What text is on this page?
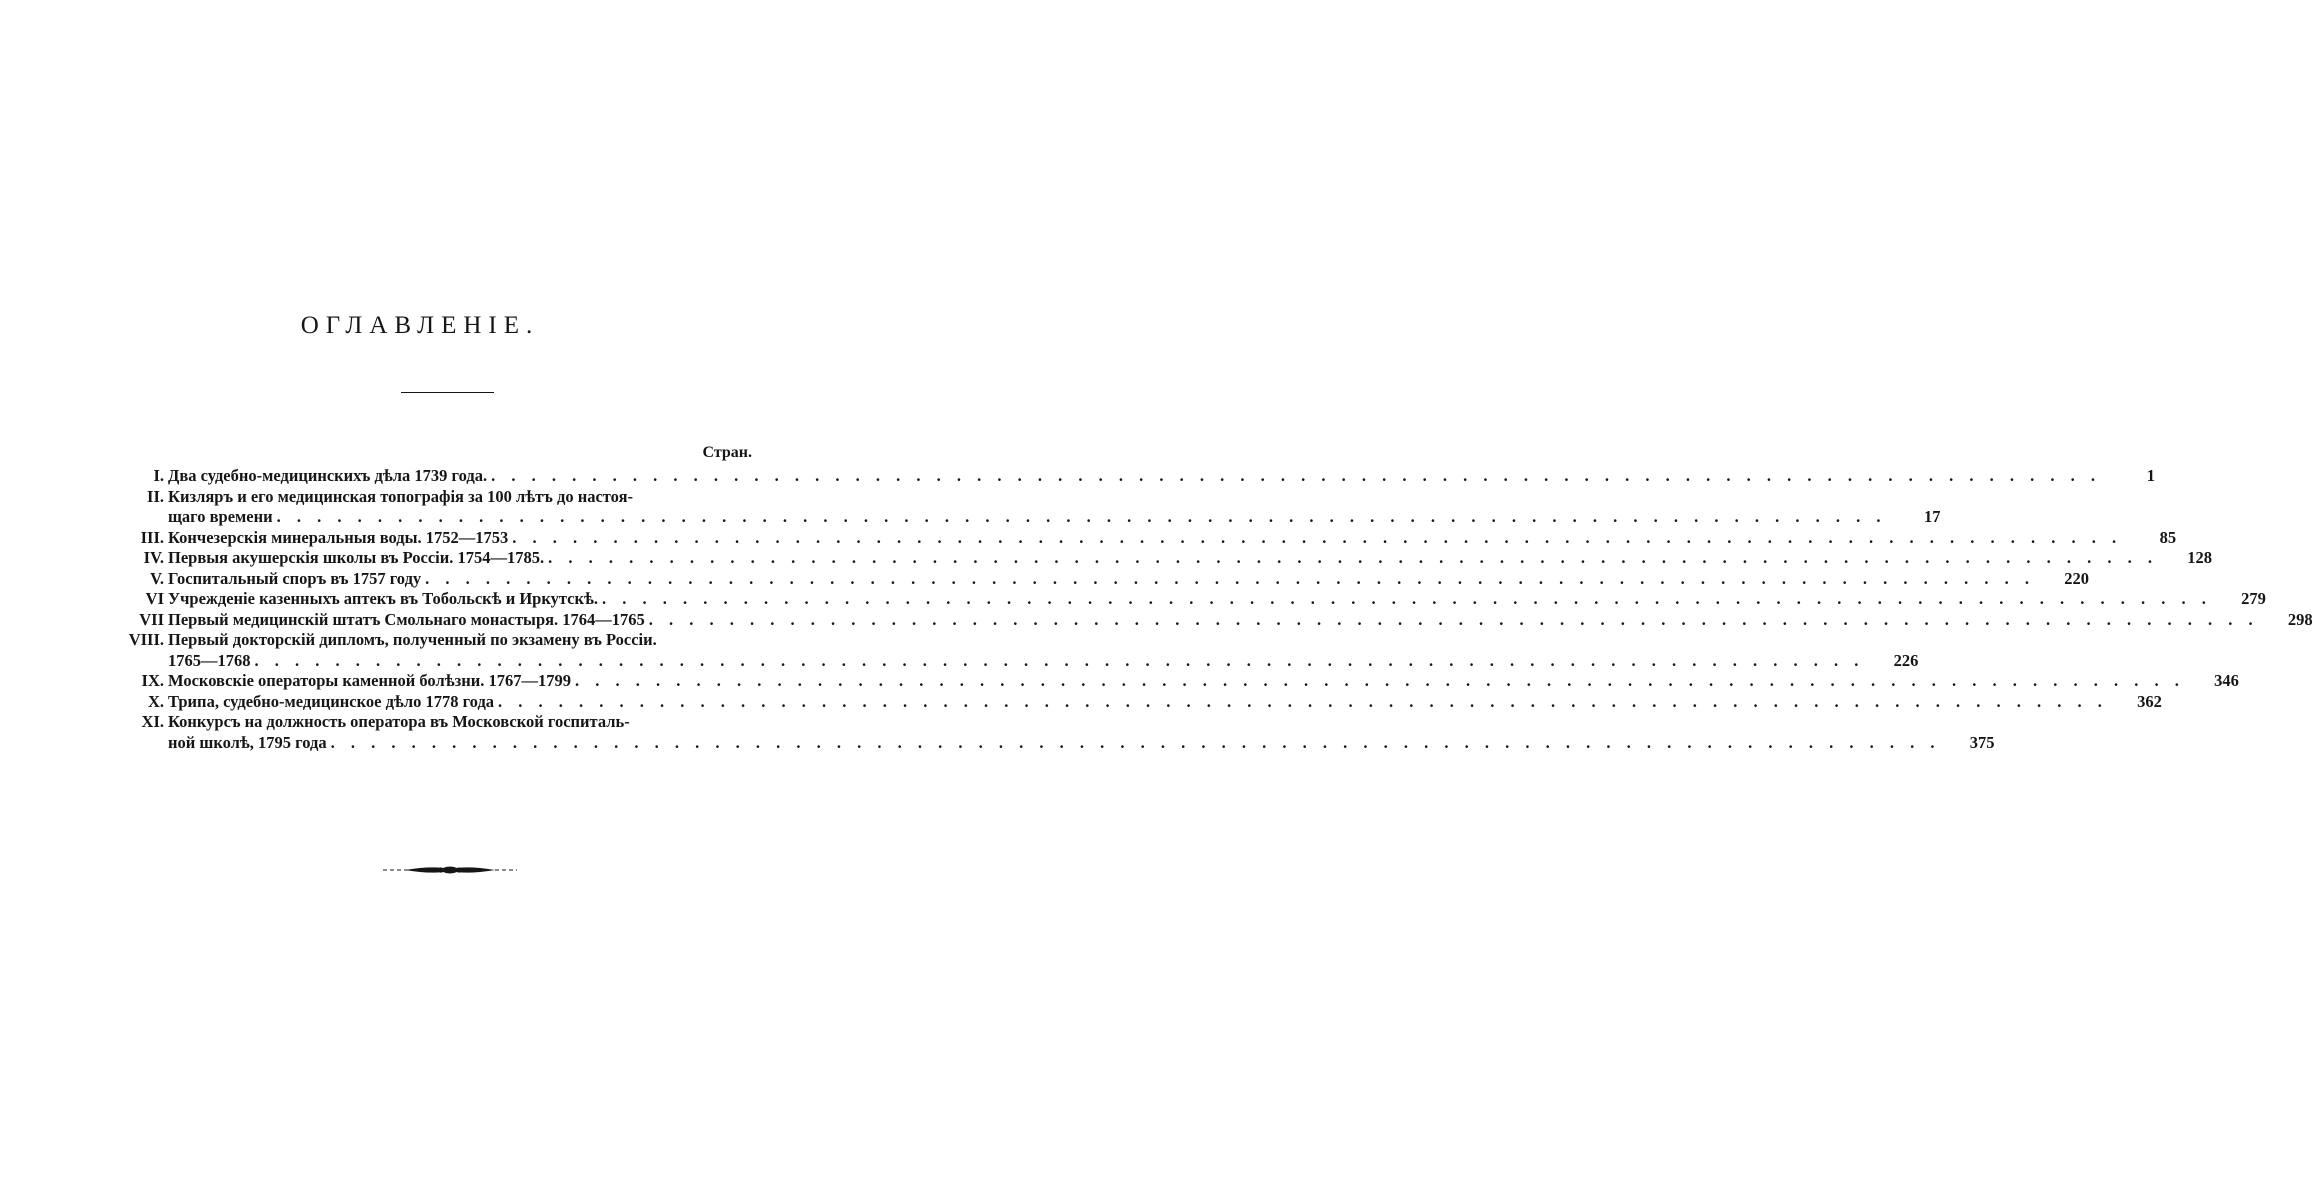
ОГЛАВЛЕНІЕ.
Стран.
I. Два судебно-медицинскихъ дѣла 1739 года. . . . . . . . . . . . . . . . . . . . . . . . . . . . . . . . . . . . . . . . . . . . . . . . . . . . . . . . . . . . . . . . . . . . . . . . . . . . . . . . .	1
II. Кизляръ и его медицинская топографія за 100 лѣтъ до настоя-
щаго времени . . . . . . . . . . . . . . . . . . . . . . . . . . . . . . . . . . . . . . . . . . . . . . . . . . . . . . . . . . . . . . . . . . . . . . . . . . . . . . . .	17
III. Кончезерскія минеральныя воды. 1752—1753 . . . . . . . . . . . . . . . . . . . . . . . . . . . . . . . . . . . . . . . . . . . . . . . . . . . . . . . . . . . . . . . . . . . . . . . . . . . . . . . .	85
IV. Первыя акушерскія школы въ Россіи. 1754—1785. . . . . . . . . . . . . . . . . . . . . . . . . . . . . . . . . . . . . . . . . . . . . . . . . . . . . . . . . . . . . . . . . . . . . . . . . . . . . . . . .	128
V. Госпитальный споръ въ 1757 году . . . . . . . . . . . . . . . . . . . . . . . . . . . . . . . . . . . . . . . . . . . . . . . . . . . . . . . . . . . . . . . . . . . . . . . . . . . . . . . .	220
VI Учрежденіе казенныхъ аптекъ въ Тобольскѣ и Иркутскѣ. . . . . . . . . . . . . . . . . . . . . . . . . . . . . . . . . . . . . . . . . . . . . . . . . . . . . . . . . . . . . . . . . . . . . . . . . . . . . . . . .	279
VII Первый медицинскій штатъ Смольнаго монастыря. 1764—1765 . . . . . . . . . . . . . . . . . . . . . . . . . . . . . . . . . . . . . . . . . . . . . . . . . . . . . . . . . . . . . . . . . . . . . . . . . . . . . . . .	298
VIII. Первый докторскій дипломъ, полученный по экзамену въ Россіи.
1765—1768 . . . . . . . . . . . . . . . . . . . . . . . . . . . . . . . . . . . . . . . . . . . . . . . . . . . . . . . . . . . . . . . . . . . . . . . . . . . . . . . .	226
IX. Московскіе операторы каменной болѣзни. 1767—1799 . . . . . . . . . . . . . . . . . . . . . . . . . . . . . . . . . . . . . . . . . . . . . . . . . . . . . . . . . . . . . . . . . . . . . . . . . . . . . . . .	346
X. Трипа, судебно-медицинское дѣло 1778 года . . . . . . . . . . . . . . . . . . . . . . . . . . . . . . . . . . . . . . . . . . . . . . . . . . . . . . . . . . . . . . . . . . . . . . . . . . . . . . . .	362
XI. Конкурсъ на должность оператора въ Московской госпиталь-
ной школѣ, 1795 года . . . . . . . . . . . . . . . . . . . . . . . . . . . . . . . . . . . . . . . . . . . . . . . . . . . . . . . . . . . . . . . . . . . . . . . . . . . . . . . .	375
